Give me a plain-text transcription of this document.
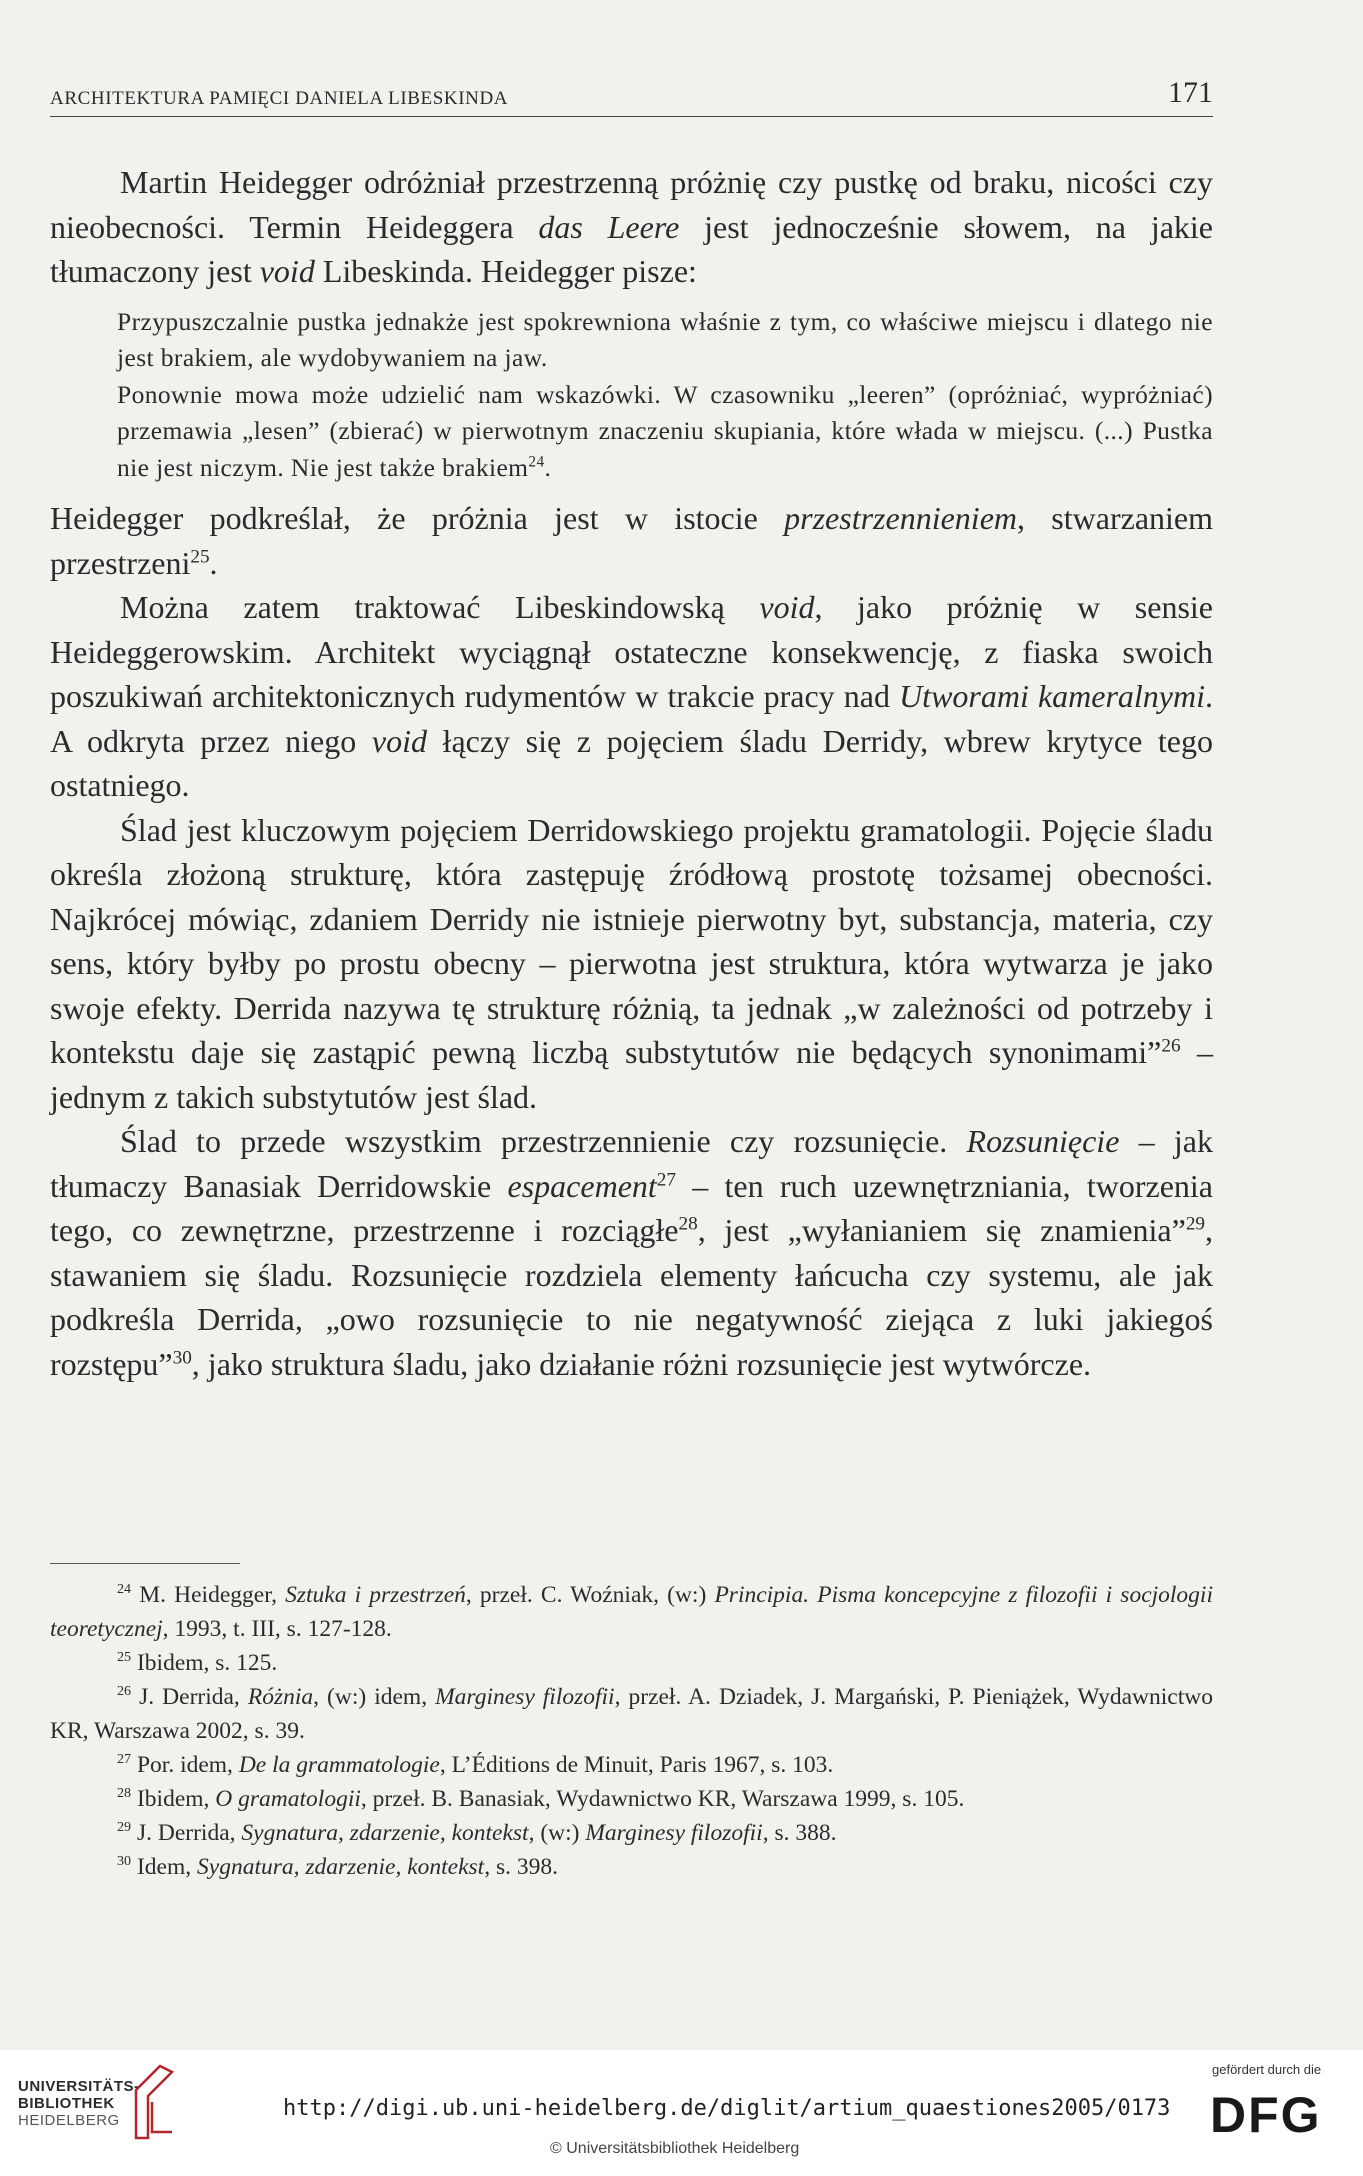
ARCHITEKTURA PAMIĘCI DANIELA LIBESKINDA	171

Martin Heidegger odróżniał przestrzenną próżnię czy pustkę od braku, nicości czy nieobecności. Termin Heideggera das Leere jest jednocześnie słowem, na jakie tłumaczony jest void Libeskinda. Heidegger pisze:

Przypuszczalnie pustka jednakże jest spokrewniona właśnie z tym, co właściwe miejscu i dlatego nie jest brakiem, ale wydobywaniem na jaw.

Ponownie mowa może udzielić nam wskazówki. W czasowniku „leeren” (opróżniać, wypróżniać) przemawia „lesen” (zbierać) w pierwotnym znaczeniu skupiania, które włada w miejscu. (...) Pustka nie jest niczym. Nie jest także brakiem$^{24}$.

Heidegger podkreślał, że próżnia jest w istocie przestrzennieniem, stwarzaniem przestrzeni$^{25}$.

Można zatem traktować Libeskindowską void, jako próżnię w sensie Heideggerowskim. Architekt wyciągnął ostateczne konsekwencję, z fiaska swoich poszukiwań architektonicznych rudymentów w trakcie pracy nad Utworami kameralnymi. A odkryta przez niego void łączy się z pojęciem śladu Derridy, wbrew krytyce tego ostatniego.

Ślad jest kluczowym pojęciem Derridowskiego projektu gramatologii. Pojęcie śladu określa złożoną strukturę, która zastępuję źródłową prostotę tożsamej obecności. Najkrócej mówiąc, zdaniem Derridy nie istnieje pierwotny byt, substancja, materia, czy sens, który byłby po prostu obecny – pierwotna jest struktura, która wytwarza je jako swoje efekty. Derrida nazywa tę strukturę różnią, ta jednak „w zależności od potrzeby i kontekstu daje się zastąpić pewną liczbą substytutów nie będących synonimami”$^{26}$ – jednym z takich substytutów jest ślad.

Ślad to przede wszystkim przestrzennienie czy rozsunięcie. Rozsunięcie – jak tłumaczy Banasiak Derridowskie espacement$^{27}$ – ten ruch uzewnętrzniania, tworzenia tego, co zewnętrzne, przestrzenne i rozciągłe$^{28}$, jest „wyłanianiem się znamienia”$^{29}$, stawaniem się śladu. Rozsunięcie rozdziela elementy łańcucha czy systemu, ale jak podkreśla Derrida, „owo rozsunięcie to nie negatywność ziejąca z luki jakiegoś rozstępu”$^{30}$, jako struktura śladu, jako działanie różni rozsunięcie jest wytwórcze.

$^{24}$ M. Heidegger, Sztuka i przestrzeń, przeł. C. Woźniak, (w:) Principia. Pisma koncepcyjne z filozofii i socjologii teoretycznej, 1993, t. III, s. 127-128.

$^{25}$ Ibidem, s. 125.

$^{26}$ J. Derrida, Różnia, (w:) idem, Marginesy filozofii, przeł. A. Dziadek, J. Margański, P. Pieniążek, Wydawnictwo KR, Warszawa 2002, s. 39.

$^{27}$ Por. idem, De la grammatologie, L’Éditions de Minuit, Paris 1967, s. 103.

$^{28}$ Ibidem, O gramatologii, przeł. B. Banasiak, Wydawnictwo KR, Warszawa 1999, s. 105.

$^{29}$ J. Derrida, Sygnatura, zdarzenie, kontekst, (w:) Marginesy filozofii, s. 388.

$^{30}$ Idem, Sygnatura, zdarzenie, kontekst, s. 398.

UNIVERSITÄTS-
BIBLIOTHEK
HEIDELBERG	http://digi.ub.uni-heidelberg.de/diglit/artium_quaestiones2005/0173
© Universitätsbibliothek Heidelberg
gefördert durch die
DFG
